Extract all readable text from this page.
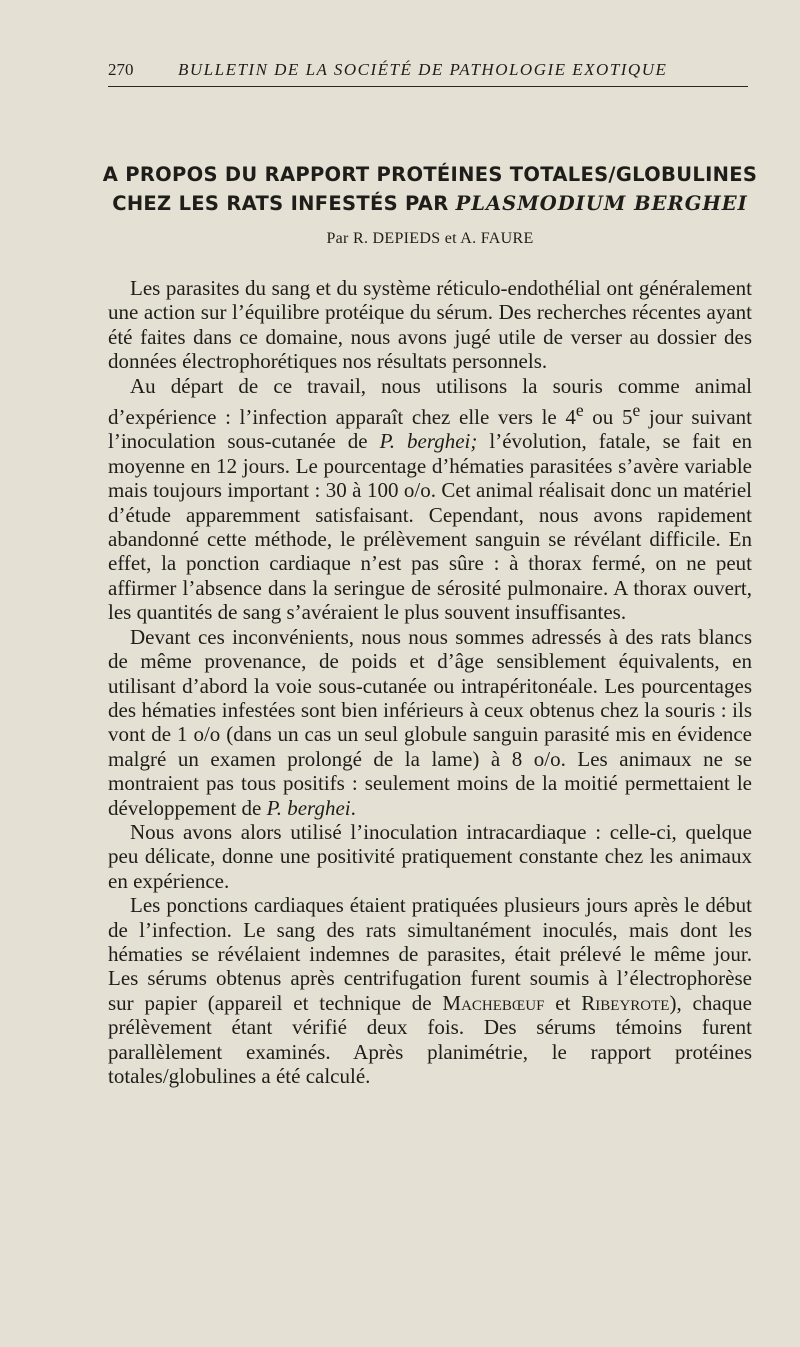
270	BULLETIN DE LA SOCIÉTÉ DE PATHOLOGIE EXOTIQUE
A PROPOS DU RAPPORT PROTÉINES TOTALES/GLOBULINES
CHEZ LES RATS INFESTÉS PAR PLASMODIUM BERGHEI
Par R. DEPIEDS et A. FAURE

Les parasites du sang et du système réticulo-endothélial ont généralement une action sur l’équilibre protéique du sérum. Des recherches récentes ayant été faites dans ce domaine, nous avons jugé utile de verser au dossier des données électrophorétiques nos résultats personnels.

Au départ de ce travail, nous utilisons la souris comme animal d’expérience : l’infection apparaît chez elle vers le 4e ou 5e jour suivant l’inoculation sous-cutanée de P. berghei; l’évolution, fatale, se fait en moyenne en 12 jours. Le pourcentage d’hématies parasitées s’avère variable mais toujours important : 30 à 100 o/o. Cet animal réalisait donc un matériel d’étude apparemment satisfaisant. Cependant, nous avons rapidement abandonné cette méthode, le prélèvement sanguin se révélant difficile. En effet, la ponction cardiaque n’est pas sûre : à thorax fermé, on ne peut affirmer l’absence dans la seringue de sérosité pulmonaire. A thorax ouvert, les quantités de sang s’avéraient le plus souvent insuffisantes.

Devant ces inconvénients, nous nous sommes adressés à des rats blancs de même provenance, de poids et d’âge sensiblement équivalents, en utilisant d’abord la voie sous-cutanée ou intrapéritonéale. Les pourcentages des hématies infestées sont bien inférieurs à ceux obtenus chez la souris : ils vont de 1 o/o (dans un cas un seul globule sanguin parasité mis en évidence malgré un examen prolongé de la lame) à 8 o/o. Les animaux ne se montraient pas tous positifs : seulement moins de la moitié permettaient le développement de P. berghei.

Nous avons alors utilisé l’inoculation intracardiaque : celle-ci, quelque peu délicate, donne une positivité pratiquement constante chez les animaux en expérience.

Les ponctions cardiaques étaient pratiquées plusieurs jours après le début de l’infection. Le sang des rats simultanément inoculés, mais dont les hématies se révélaient indemnes de parasites, était prélevé le même jour. Les sérums obtenus après centrifugation furent soumis à l’électrophorèse sur papier (appareil et technique de Machebœuf et Ribeyrote), chaque prélèvement étant vérifié deux fois. Des sérums témoins furent parallèlement examinés. Après planimétrie, le rapport protéines totales/globulines a été calculé.
